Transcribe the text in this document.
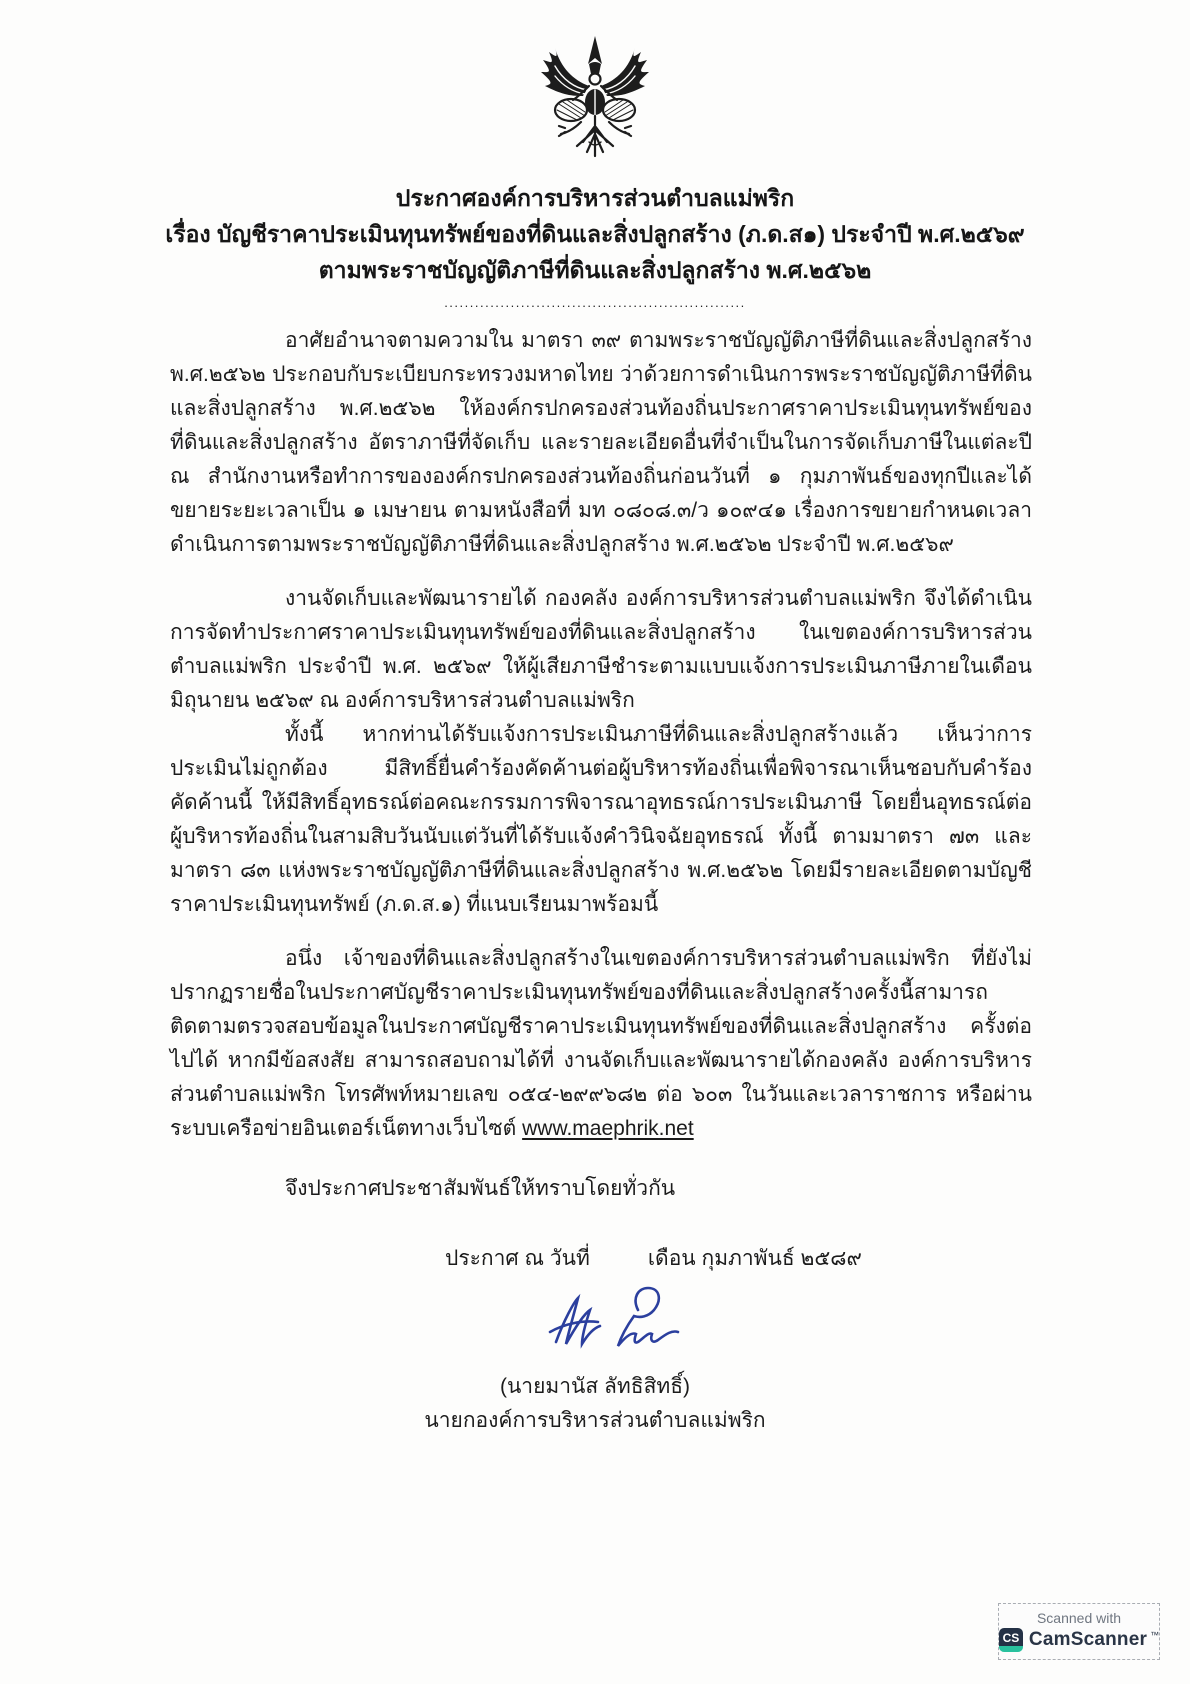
ประกาศองค์การบริหารส่วนตำบลแม่พริก
เรื่อง บัญชีราคาประเมินทุนทรัพย์ของที่ดินและสิ่งปลูกสร้าง (ภ.ด.ส๑) ประจำปี พ.ศ.๒๕๖๙
ตามพระราชบัญญัติภาษีที่ดินและสิ่งปลูกสร้าง พ.ศ.๒๕๖๒
...........................................................
อาศัยอำนาจตามความใน มาตรา ๓๙ ตามพระราชบัญญัติภาษีที่ดินและสิ่งปลูกสร้าง พ.ศ.๒๕๖๒ ประกอบกับระเบียบกระทรวงมหาดไทย ว่าด้วยการดำเนินการพระราชบัญญัติภาษีที่ดินและสิ่งปลูกสร้าง พ.ศ.๒๕๖๒ ให้องค์กรปกครองส่วนท้องถิ่นประกาศราคาประเมินทุนทรัพย์ของที่ดินและสิ่งปลูกสร้าง อัตราภาษีที่จัดเก็บ และรายละเอียดอื่นที่จำเป็นในการจัดเก็บภาษีในแต่ละปี ณ สำนักงานหรือทำการขององค์กรปกครองส่วนท้องถิ่นก่อนวันที่ ๑ กุมภาพันธ์ของทุกปีและได้ขยายระยะเวลาเป็น ๑ เมษายน ตามหนังสือที่ มท ๐๘๐๘.๓/ว ๑๐๙๔๑ เรื่องการขยายกำหนดเวลาดำเนินการตามพระราชบัญญัติภาษีที่ดินและสิ่งปลูกสร้าง พ.ศ.๒๕๖๒ ประจำปี พ.ศ.๒๕๖๙
งานจัดเก็บและพัฒนารายได้ กองคลัง องค์การบริหารส่วนตำบลแม่พริก จึงได้ดำเนินการจัดทำประกาศราคาประเมินทุนทรัพย์ของที่ดินและสิ่งปลูกสร้าง ในเขตองค์การบริหารส่วนตำบลแม่พริก ประจำปี พ.ศ. ๒๕๖๙ ให้ผู้เสียภาษีชำระตามแบบแจ้งการประเมินภาษีภายในเดือน มิถุนายน ๒๕๖๙ ณ องค์การบริหารส่วนตำบลแม่พริก
ทั้งนี้ หากท่านได้รับแจ้งการประเมินภาษีที่ดินและสิ่งปลูกสร้างแล้ว เห็นว่าการประเมินไม่ถูกต้อง มีสิทธิ์ยื่นคำร้องคัดค้านต่อผู้บริหารท้องถิ่นเพื่อพิจารณาเห็นชอบกับคำร้องคัดค้านนี้ ให้มีสิทธิ์อุทธรณ์ต่อคณะกรรมการพิจารณาอุทธรณ์การประเมินภาษี โดยยื่นอุทธรณ์ต่อผู้บริหารท้องถิ่นในสามสิบวันนับแต่วันที่ได้รับแจ้งคำวินิจฉัยอุทธรณ์ ทั้งนี้ ตามมาตรา ๗๓ และมาตรา ๘๓ แห่งพระราชบัญญัติภาษีที่ดินและสิ่งปลูกสร้าง พ.ศ.๒๕๖๒ โดยมีรายละเอียดตามบัญชีราคาประเมินทุนทรัพย์ (ภ.ด.ส.๑) ที่แนบเรียนมาพร้อมนี้
อนึ่ง เจ้าของที่ดินและสิ่งปลูกสร้างในเขตองค์การบริหารส่วนตำบลแม่พริก ที่ยังไม่ปรากฏรายชื่อในประกาศบัญชีราคาประเมินทุนทรัพย์ของที่ดินและสิ่งปลูกสร้างครั้งนี้สามารถติดตามตรวจสอบข้อมูลในประกาศบัญชีราคาประเมินทุนทรัพย์ของที่ดินและสิ่งปลูกสร้าง ครั้งต่อไปได้ หากมีข้อสงสัย สามารถสอบถามได้ที่ งานจัดเก็บและพัฒนารายได้กองคลัง องค์การบริหารส่วนตำบลแม่พริก โทรศัพท์หมายเลข ๐๕๔-๒๙๙๖๘๒ ต่อ ๖๐๓ ในวันและเวลาราชการ หรือผ่านระบบเครือข่ายอินเตอร์เน็ตทางเว็บไซต์ www.maephrik.net
จึงประกาศประชาสัมพันธ์ให้ทราบโดยทั่วกัน
ประกาศ ณ วันที่	เดือน กุมภาพันธ์ ๒๕๘๙
(นายมานัส ลัทธิสิทธิ์)
นายกองค์การบริหารส่วนตำบลแม่พริก
Scanned with
CS CamScanner ™
